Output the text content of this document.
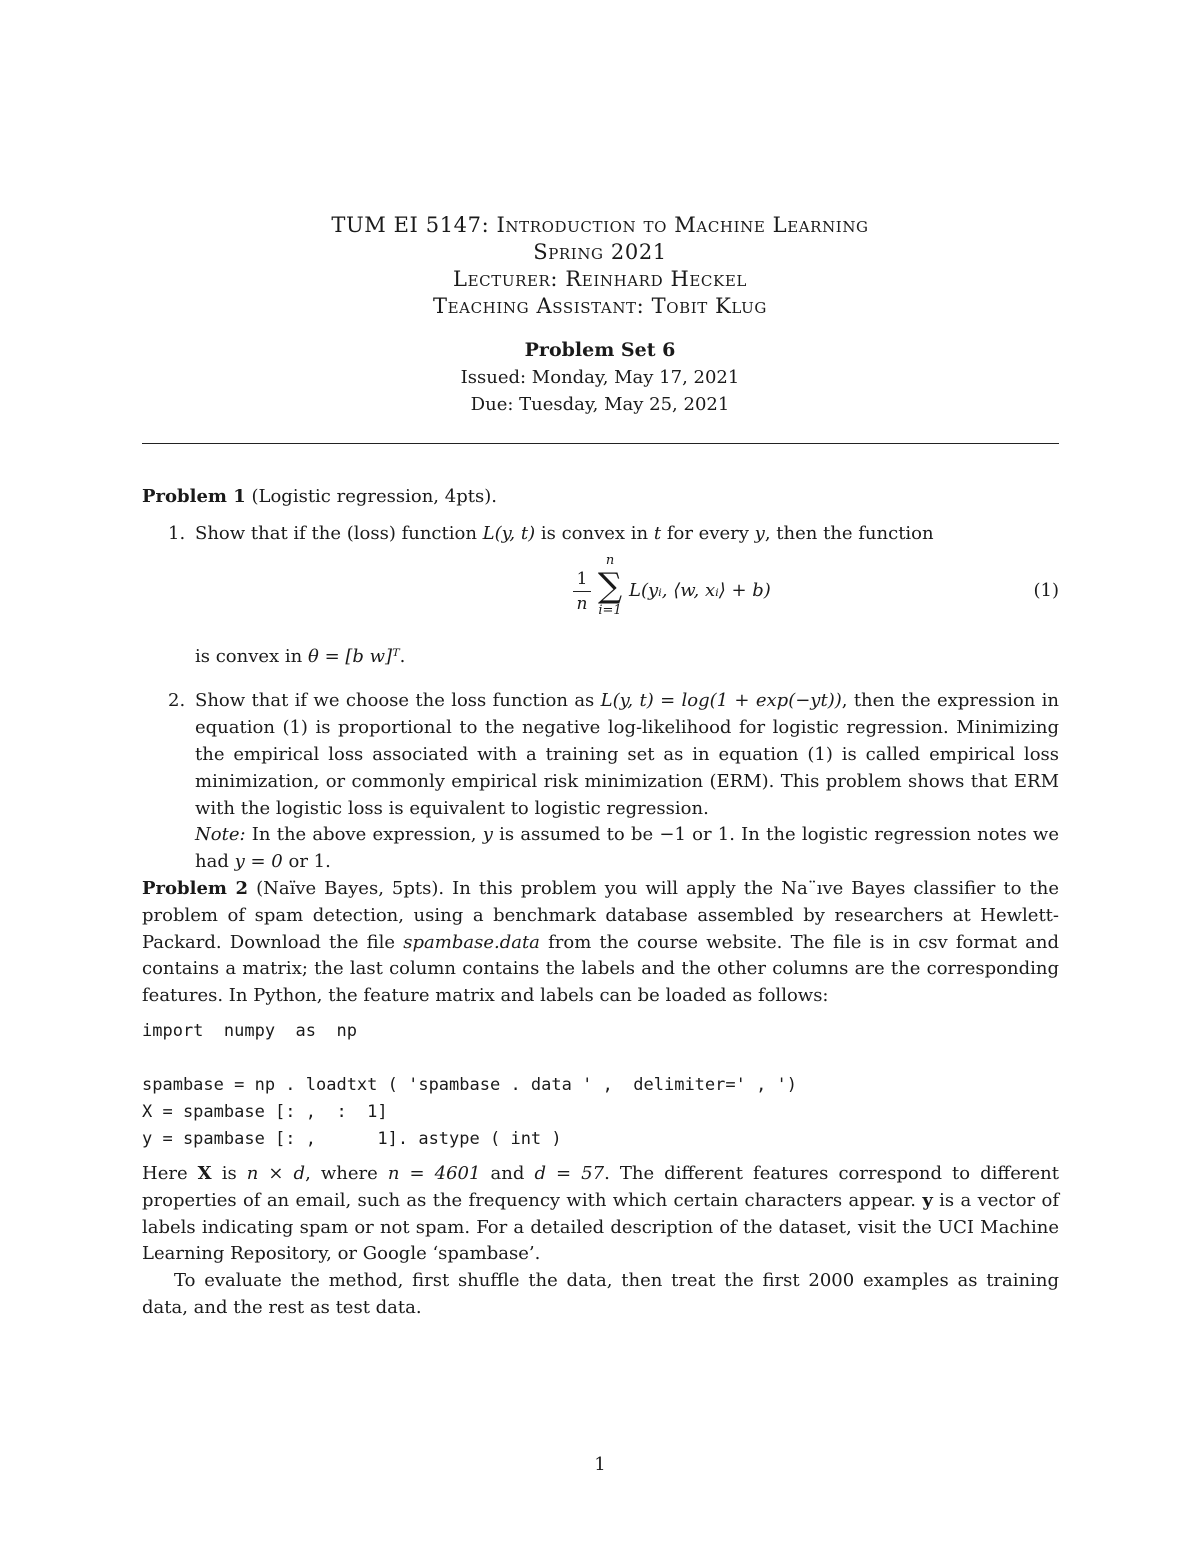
TUM EI 5147: Introduction to Machine Learning
Spring 2021
Lecturer: Reinhard Heckel
Teaching Assistant: Tobit Klug
Problem Set 6
Issued: Monday, May 17, 2021
Due: Tuesday, May 25, 2021

Problem 1 (Logistic regression, 4pts).

1. Show that if the (loss) function L(y, t) is convex in t for every y, then the function

1
n
n
∑
i=1
L(yᵢ, ⟨w, xᵢ⟩ + b)	(1)

is convex in θ = [b w]ᵀ.

2. Show that if we choose the loss function as L(y, t) = log(1 + exp(−yt)), then the expression in equation (1) is proportional to the negative log-likelihood for logistic regression. Minimizing the empirical loss associated with a training set as in equation (1) is called empirical loss minimization, or commonly empirical risk minimization (ERM). This problem shows that ERM with the logistic loss is equivalent to logistic regression.

Note: In the above expression, y is assumed to be −1 or 1. In the logistic regression notes we had y = 0 or 1.

Problem 2 (Naïve Bayes, 5pts). In this problem you will apply the Na¨ıve Bayes classifier to the problem of spam detection, using a benchmark database assembled by researchers at Hewlett-Packard. Download the file spambase.data from the course website. The file is in csv format and contains a matrix; the last column contains the labels and the other columns are the corresponding features. In Python, the feature matrix and labels can be loaded as follows:

import  numpy  as  np

spambase = np . loadtxt ( 'spambase . data ' ,  delimiter=' , ')
X = spambase [: ,  :  1]
y = spambase [: ,      1]. astype ( int )

Here X is n × d, where n = 4601 and d = 57. The different features correspond to different properties of an email, such as the frequency with which certain characters appear. y is a vector of labels indicating spam or not spam. For a detailed description of the dataset, visit the UCI Machine Learning Repository, or Google ‘spambase’.

To evaluate the method, first shuffle the data, then treat the first 2000 examples as training data, and the rest as test data.

1
